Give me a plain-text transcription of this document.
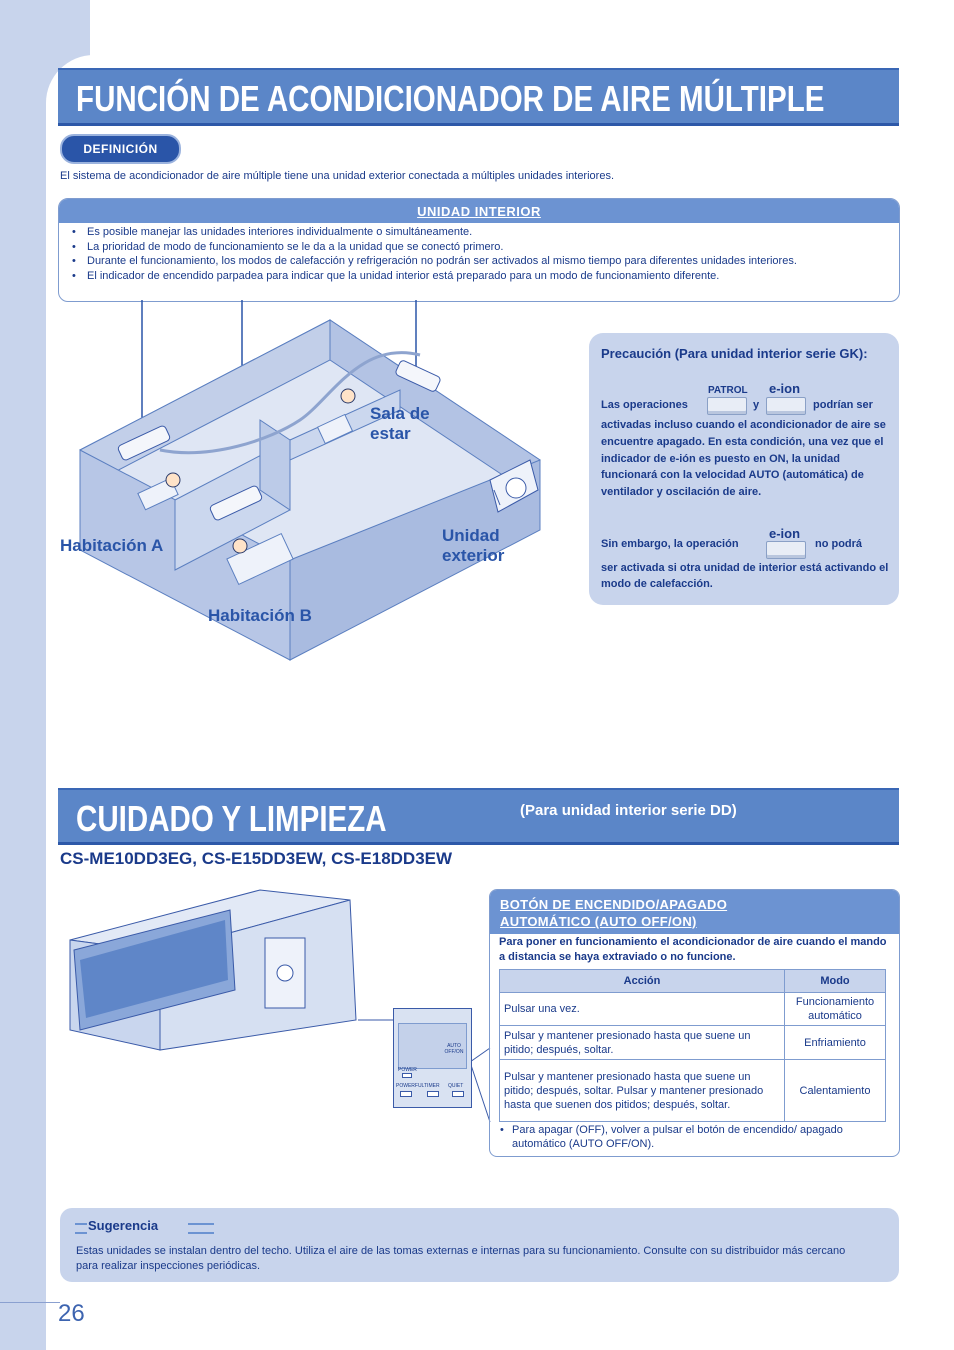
26
FUNCIÓN DE ACONDICIONADOR DE AIRE MÚLTIPLE
DEFINICIÓN
El sistema de acondicionador de aire múltiple tiene una unidad exterior conectada a múltiples unidades interiores.
UNIDAD INTERIOR
• Es posible manejar las unidades interiores individualmente o simultáneamente.
• La prioridad de modo de funcionamiento se le da a la unidad que se conectó primero.
• Durante el funcionamiento, los modos de calefacción y refrigeración no podrán ser activados al mismo tiempo para diferentes unidades interiores.
• El indicador de encendido parpadea para indicar que la unidad interior está preparado para un modo de funcionamiento diferente.
Sala de estar
Habitación A
Unidad exterior
Habitación B
Precaución (Para unidad interior serie GK):
PATROL e-ion
Las operaciones	y	podrían ser
activadas incluso cuando el acondicionador de aire se encuentre apagado. En esta condición, una vez que el indicador de e-ión es puesto en ON, la unidad funcionará con la velocidad AUTO (automática) de ventilador y oscilación de aire.
e-ion
Sin embargo, la operación	no podrá
ser activada si otra unidad de interior está activando el modo de calefacción.
CUIDADO Y LIMPIEZA	(Para unidad interior serie DD)
CS-ME10DD3EG, CS-E15DD3EW, CS-E18DD3EW
AUTO OFF/ON
POWER
POWERFUL TIMER QUIET
BOTÓN DE ENCENDIDO/APAGADO
AUTOMÁTICO (AUTO OFF/ON)
Para poner en funcionamiento el acondicionador de aire cuando el mando a distancia se haya extraviado o no funcione.
Acción	Modo
Pulsar una vez.	Funcionamiento automático
Pulsar y mantener presionado hasta que suene un pitido; después, soltar.	Enfriamiento
Pulsar y mantener presionado hasta que suene un pitido; después, soltar. Pulsar y mantener presionado hasta que suenen dos pitidos; después, soltar.	Calentamiento
• Para apagar (OFF), volver a pulsar el botón de encendido/ apagado automático (AUTO OFF/ON).
Sugerencia
Estas unidades se instalan dentro del techo. Utiliza el aire de las tomas externas e internas para su funcionamiento. Consulte con su distribuidor más cercano para realizar inspecciones periódicas.
